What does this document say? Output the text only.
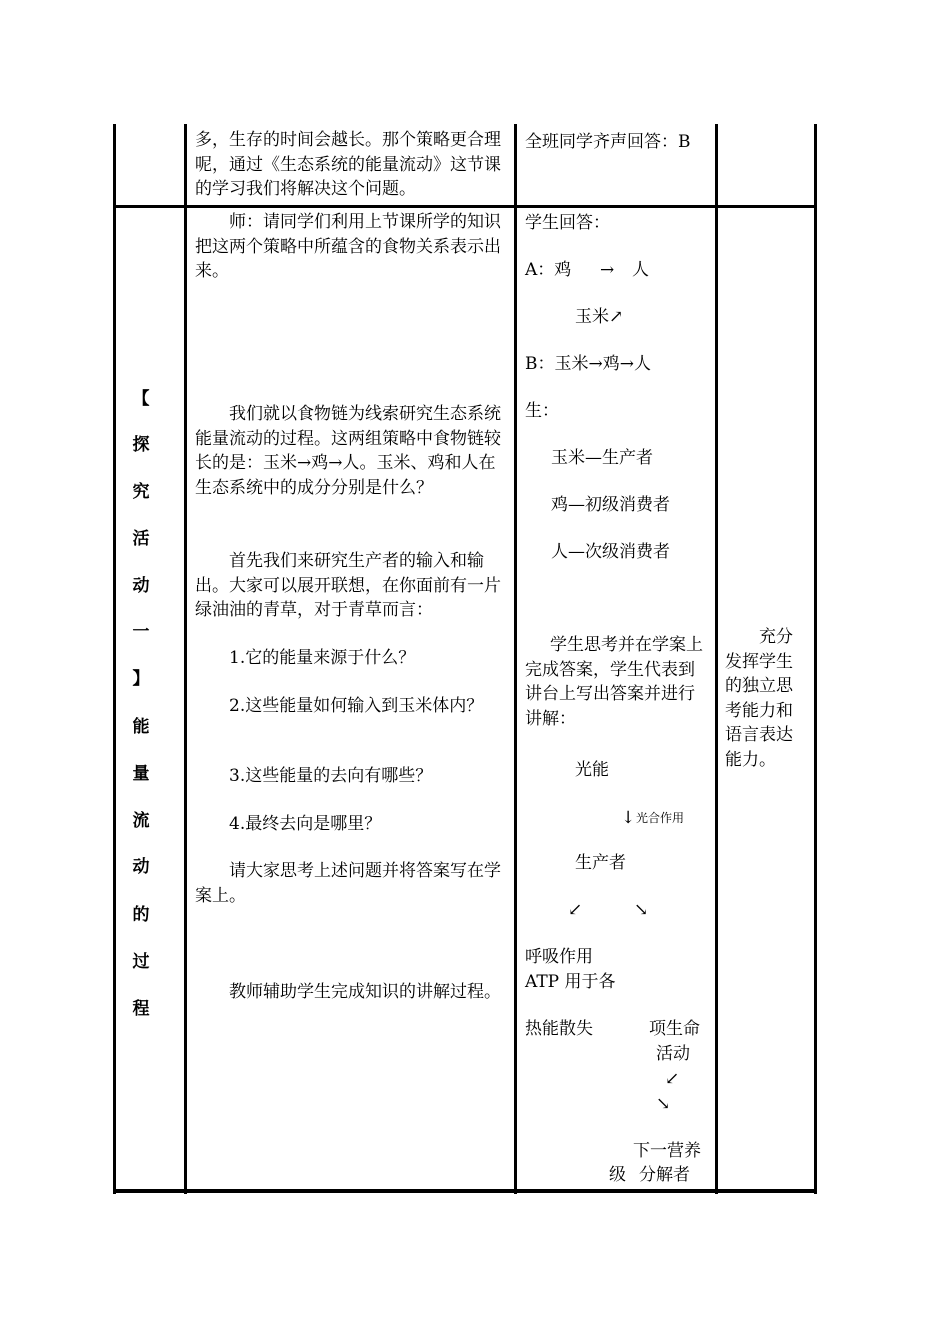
多，生存的时间会越长。那个策略更合理呢，通过《生态系统的能量流动》这节课的学习我们将解决这个问题。
全班同学齐声回答：B
【
探
究
活
动
一
】
能
量
流
动
的
过
程
师：请同学们利用上节课所学的知识把这两个策略中所蕴含的食物关系表示出来。
我们就以食物链为线索研究生态系统能量流动的过程。这两组策略中食物链较长的是：玉米→鸡→人。玉米、鸡和人在生态系统中的成分分别是什么？
首先我们来研究生产者的输入和输出。大家可以展开联想，在你面前有一片绿油油的青草，对于青草而言：
1.它的能量来源于什么？
2.这些能量如何输入到玉米体内？
3.这些能量的去向有哪些？
4.最终去向是哪里？
请大家思考上述问题并将答案写在学案上。
教师辅助学生完成知识的讲解过程。
学生回答：
A：鸡 → 人
玉米↗
B：玉米→鸡→人
生：
玉米—生产者
鸡—初级消费者
人—次级消费者
学生思考并在学案上完成答案，学生代表到讲台上写出答案并进行讲解：
光能
↓ 光合作用
生产者
↙	↘
呼吸作用
ATP 用于各
热能散失	项生命
活动
↙
↘
下一营养
级 分解者
充分发挥学生的独立思考能力和语言表达能力。
